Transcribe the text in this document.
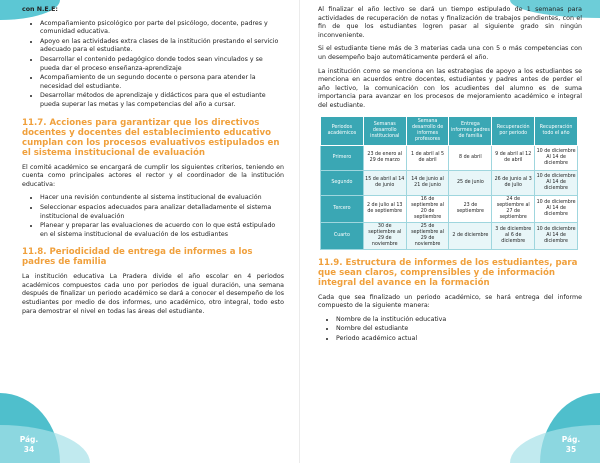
con N.E.E:

• Acompañamiento psicológico por parte del psicólogo, docente, padres y comunidad educativa.
• Apoyo en las actividades extra clases de la institución prestando el servicio adecuado para el estudiante.
• Desarrollar el contenido pedagógico donde todos sean vinculados y se pueda dar el proceso enseñanza-aprendizaje
• Acompañamiento de un segundo docente o persona para atender la necesidad del estudiante.
• Desarrollar métodos de aprendizaje y didácticos para que el estudiante pueda superar las metas y las competencias del año a cursar.
11.7. Acciones para garantizar que los directivos docentes y docentes del establecimiento educativo cumplan con los procesos evaluativos estipulados en el sistema institucional de evaluación

El comité académico se encargará de cumplir los siguientes criterios, teniendo en cuenta como principales actores el rector y el coordinador de la institución educativa:

• Hacer una revisión contundente al sistema institucional de evaluación
• Seleccionar espacios adecuados para analizar detalladamente el sistema institucional de evaluación
• Planear y preparar las evaluaciones de acuerdo con lo que está estipulado en el sistema institucional de evaluación de los estudiantes
11.8. Periodicidad de entrega de informes a los padres de familia

La institución educativa La Pradera divide el año escolar en 4 periodos académicos compuestos cada uno por periodos de igual duración, una semana después de finalizar un periodo académico se dará a conocer el desempeño de los estudiantes por medio de dos informes, uno académico, otro integral, todo esto para demostrar el nivel en todas las áreas del estudiante.

Pág.
34

Al finalizar el año lectivo se dará un tiempo estipulado de 1 semanas para actividades de recuperación de notas y finalización de trabajos pendientes, con el fin de que los estudiantes logren pasar al siguiente grado sin ningún inconveniente.

Si el estudiante tiene más de 3 materias cada una con 5 o más competencias con un desempeño bajo automáticamente perderá el año.

La institución como se menciona en las estrategias de apoyo a los estudiantes se menciona en acuerdos entre docentes, estudiantes y padres antes de perder el año lectivo, la comunicación con los acudientes del alumno es de suma importancia para avanzar en los procesos de mejoramiento académico e integral del estudiante.

Periodos académicos	Semanas desarrollo institucional	Semana desarrollo de informes profesores	Entrega informes padres de familia	Recuperación por periodo	Recuperación todo el año
Primero	23 de enero al 29 de marzo	1 de abril al 5 de abril	8 de abril	9 de abril al 12 de abril	10 de diciembre Al 14 de diciembre
Segundo	15 de abril al 14 de junio	14 de junio al 21 de junio	25 de junio	26 de junio al 3 de julio	10 de diciembre Al 14 de diciembre
Tercero	2 de julio al 13 de septiembre	16 de septiembre al 20 de septiembre	23 de septiembre	24 de septiembre al 27 de septiembre	10 de diciembre Al 14 de diciembre
Cuarto	30 de septiembre al 29 de noviembre	25 de septiembre al 29 de noviembre	2 de diciembre	3 de diciembre al 6 de diciembre	10 de diciembre Al 14 de diciembre
11.9. Estructura de informes de los estudiantes, para que sean claros, comprensibles y de información integral del avance en la formación

Cada que sea finalizado un periodo académico, se hará entrega del informe compuesto de la siguiente manera:

• Nombre de la institución educativa
• Nombre del estudiante
• Periodo académico actual
Pág.
35
